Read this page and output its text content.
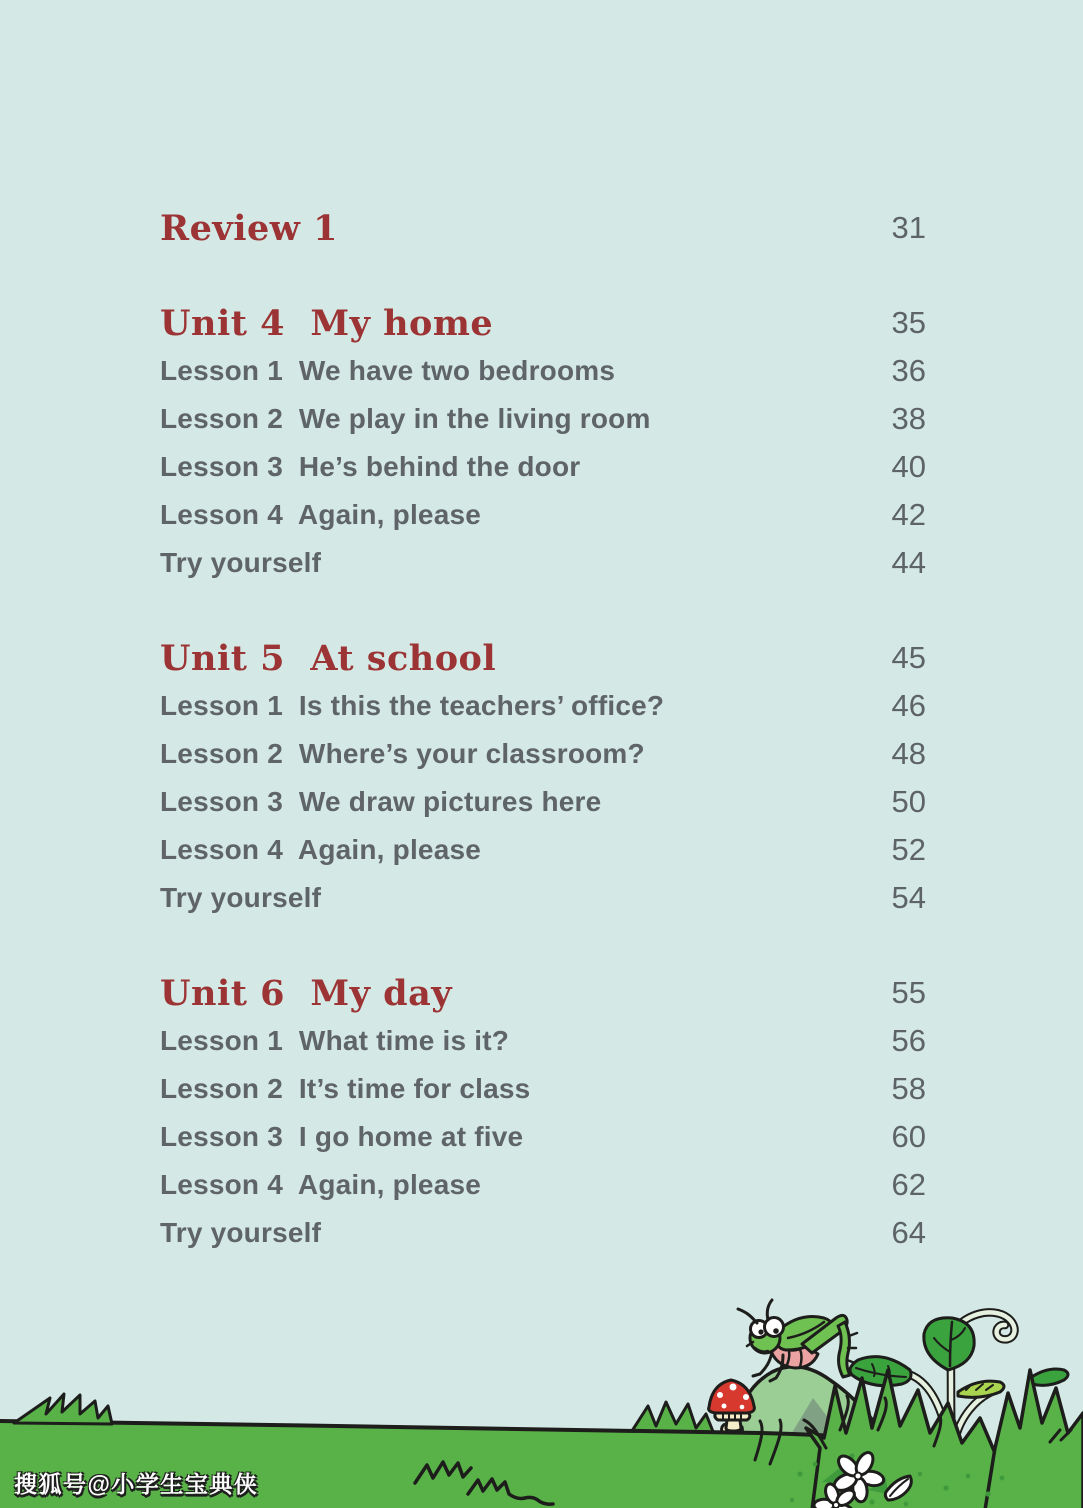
Review 1	31
Unit 4  My home	35
Lesson 1  We have two bedrooms	36
Lesson 2  We play in the living room	38
Lesson 3  He’s behind the door	40
Lesson 4  Again, please	42
Try yourself	44
Unit 5  At school	45
Lesson 1  Is this the teachers’ office?	46
Lesson 2  Where’s your classroom?	48
Lesson 3  We draw pictures here	50
Lesson 4  Again, please	52
Try yourself	54
Unit 6  My day	55
Lesson 1  What time is it?	56
Lesson 2  It’s time for class	58
Lesson 3  I go home at five	60
Lesson 4  Again, please	62
Try yourself	64
搜狐号@小学生宝典侠
